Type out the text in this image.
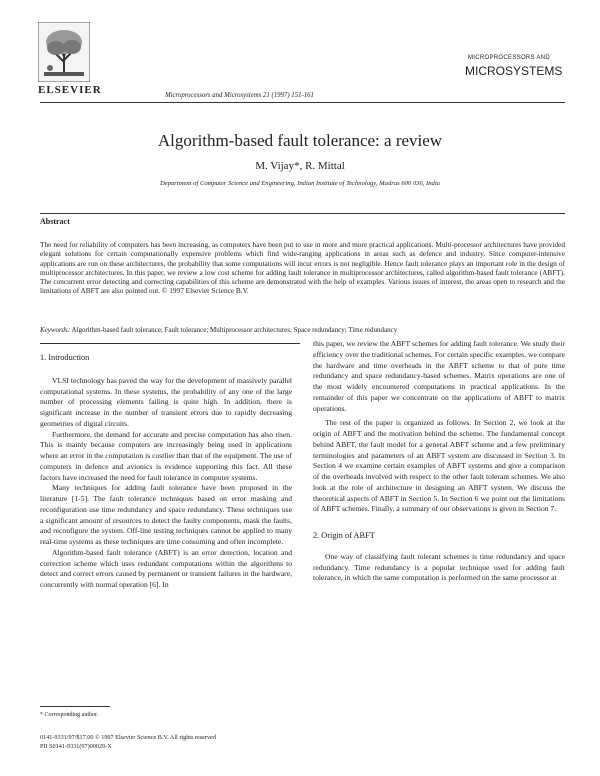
ELSEVIER	Microprocessors and Microsystems 21 (1997) 151-161
MICROPROCESSORS AND
MICROSYSTEMS
Algorithm-based fault tolerance: a review
M. Vijay*, R. Mittal
Department of Computer Science and Engineering, Indian Institute of Technology, Madras 600 036, India
Abstract
The need for reliability of computers has been increasing, as computers have been put to use in more and more practical applications. Multi-processor architectures have provided elegant solutions for certain computationally expensive problems which find wide-ranging applications in areas such as defence and industry. Since computer-intensive applications are run on these architectures, the probability that some computations will incur errors is not negligible. Hence fault tolerance plays an important role in the design of multiprocessor architectures. In this paper, we review a low cost scheme for adding fault tolerance in multiprocessor architectures, called algorithm-based fault tolerance (ABFT). The concurrent error detecting and correcting capabilities of this scheme are demonstrated with the help of examples. Various issues of interest, the areas open to research and the limitations of ABFT are also pointed out. © 1997 Elsevier Science B.V.
Keywords: Algorithm-based fault tolerance; Fault tolerance; Multiprocessor architectures; Space redundancy; Time redundancy

1. Introduction

VLSI technology has paved the way for the development of massively parallel computational systems. In these systems, the probability of any one of the large number of processing elements failing is quite high. In addition, there is significant increase in the number of transient errors due to rapidly decreasing geometries of digital circuits.

Furthermore, the demand for accurate and precise computation has also risen. This is mainly because computers are increasingly being used in applications where an error in the computation is costlier than that of the equipment. The use of computers in defence and avionics is evidence supporting this fact. All these factors have increased the need for fault tolerance in computer systems.

Many techniques for adding fault tolerance have been proposed in the literature [1-5]. The fault tolerance techniques based on error masking and reconfiguration use time redundancy and space redundancy. These techniques use a significant amount of resources to detect the faulty components, mask the faults, and reconfigure the system. Off-line testing techniques cannot be applied to many real-time systems as these techniques are time consuming and often incomplete.

Algorithm-based fault tolerance (ABFT) is an error detection, location and correction scheme which uses redundant computations within the algorithms to detect and correct errors caused by permanent or transient failures in the hardware, concurrently with normal operation [6]. In

this paper, we review the ABFT schemes for adding fault tolerance. We study their efficiency over the traditional schemes. For certain specific examples, we compare the hardware and time overheads in the ABFT scheme to that of pure time redundancy and space redundancy-based schemes. Matrix operations are one of the most widely encountered computations in practical applications. In the remainder of this paper we concentrate on the applications of ABFT to matrix operations.

The rest of the paper is organized as follows. In Section 2, we look at the origin of ABFT and the motivation behind the scheme. The fundamental concept behind ABFT, the fault model for a general ABFT scheme and a few preliminary terminologies and parameters of an ABFT system are discussed in Section 3. In Section 4 we examine certain examples of ABFT systems and give a comparison of the overheads involved with respect to the other fault tolerant schemes. We also look at the role of architecture in designing an ABFT system. We discuss the theoretical aspects of ABFT in Section 5. In Section 6 we point out the limitations of ABFT schemes. Finally, a summary of our observations is given in Section 7.

2. Origin of ABFT

One way of classifying fault tolerant schemes is time redundancy and space redundancy. Time redundancy is a popular technique used for adding fault tolerance, in which the same computation is performed on the same processor at

* Corresponding author.
0141-9331/97/$17.00 © 1997 Elsevier Science B.V. All rights reserved
PII S0141-9331(97)00029-X
